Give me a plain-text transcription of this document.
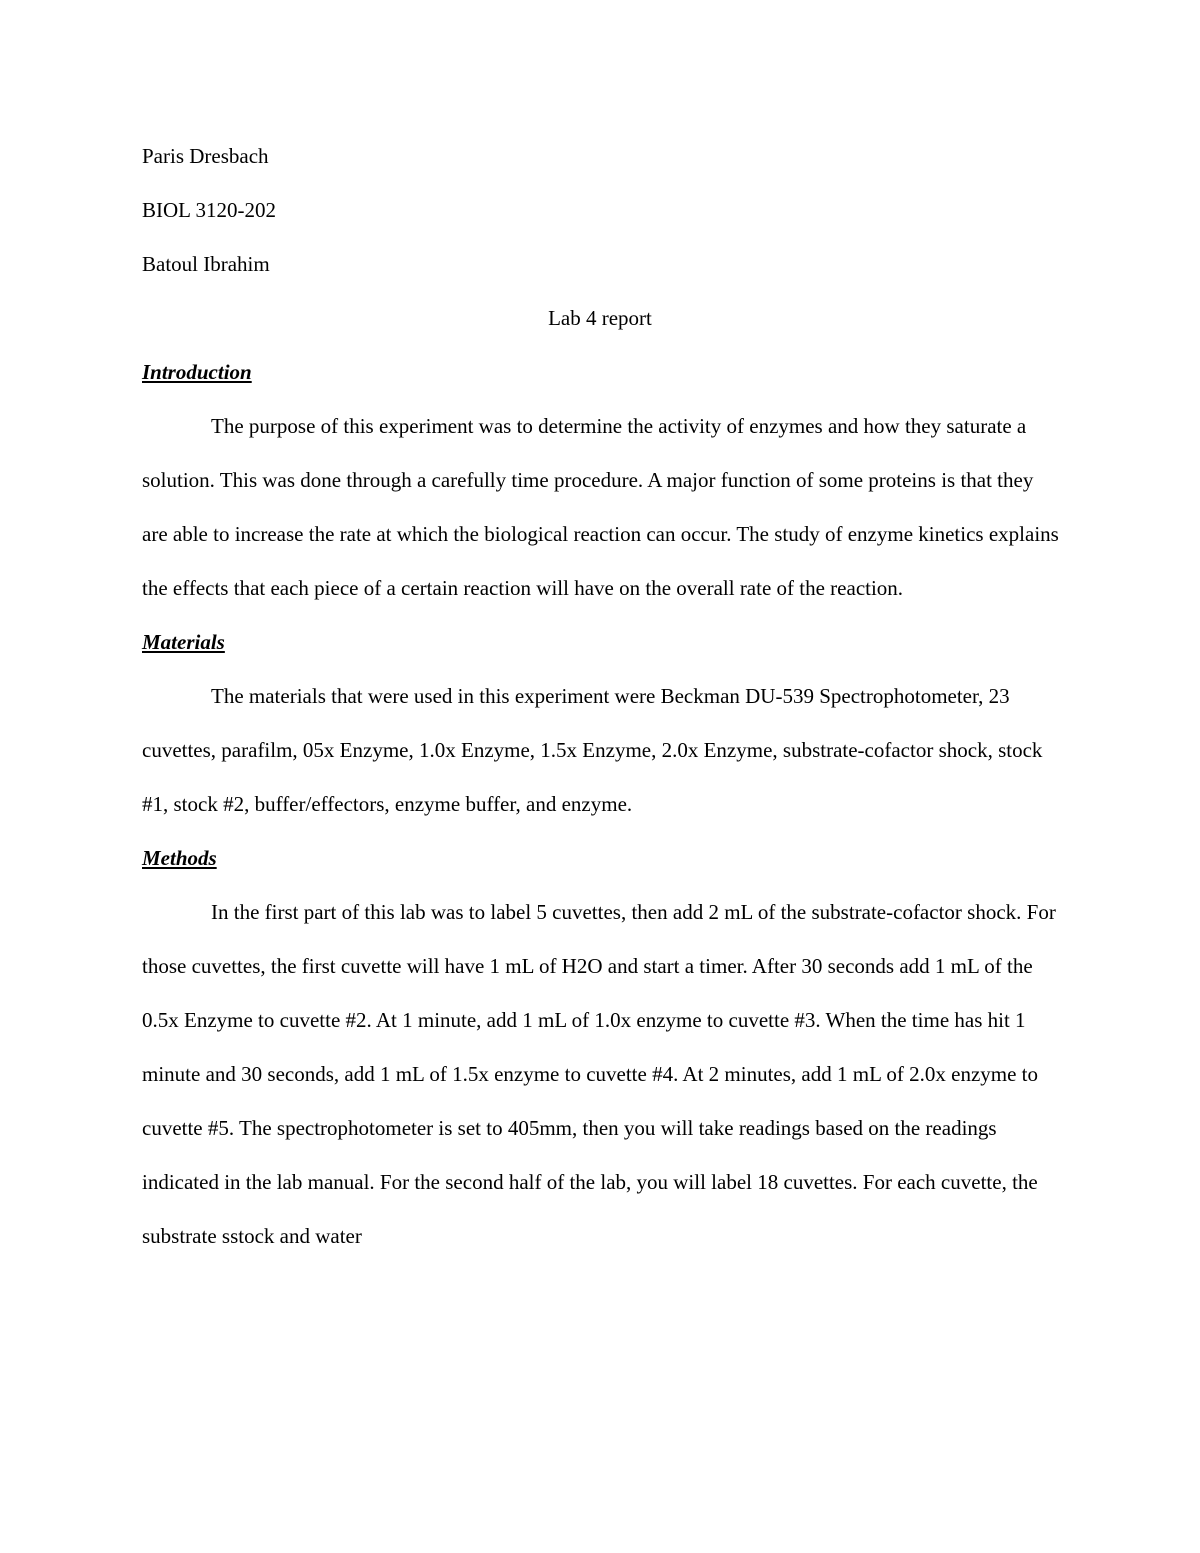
Paris Dresbach

BIOL 3120-202

Batoul Ibrahim

Lab 4 report

Introduction

The purpose of this experiment was to determine the activity of enzymes and how they saturate a solution. This was done through a carefully time procedure. A major function of some proteins is that they are able to increase the rate at which the biological reaction can occur. The study of enzyme kinetics explains the effects that each piece of a certain reaction will have on the overall rate of the reaction.

Materials

The materials that were used in this experiment were Beckman DU-539 Spectrophotometer, 23 cuvettes, parafilm, 05x Enzyme, 1.0x Enzyme, 1.5x Enzyme, 2.0x Enzyme, substrate-cofactor shock, stock #1, stock #2, buffer/effectors, enzyme buffer, and enzyme.

Methods

In the first part of this lab was to label 5 cuvettes, then add 2 mL of the substrate-cofactor shock. For those cuvettes, the first cuvette will have 1 mL of H2O and start a timer. After 30 seconds add 1 mL of the 0.5x Enzyme to cuvette #2. At 1 minute, add 1 mL of 1.0x enzyme to cuvette #3. When the time has hit 1 minute and 30 seconds, add 1 mL of 1.5x enzyme to cuvette #4. At 2 minutes, add 1 mL of 2.0x enzyme to cuvette #5. The spectrophotometer is set to 405mm, then you will take readings based on the readings indicated in the lab manual. For the second half of the lab, you will label 18 cuvettes. For each cuvette, the substrate sstock and water
